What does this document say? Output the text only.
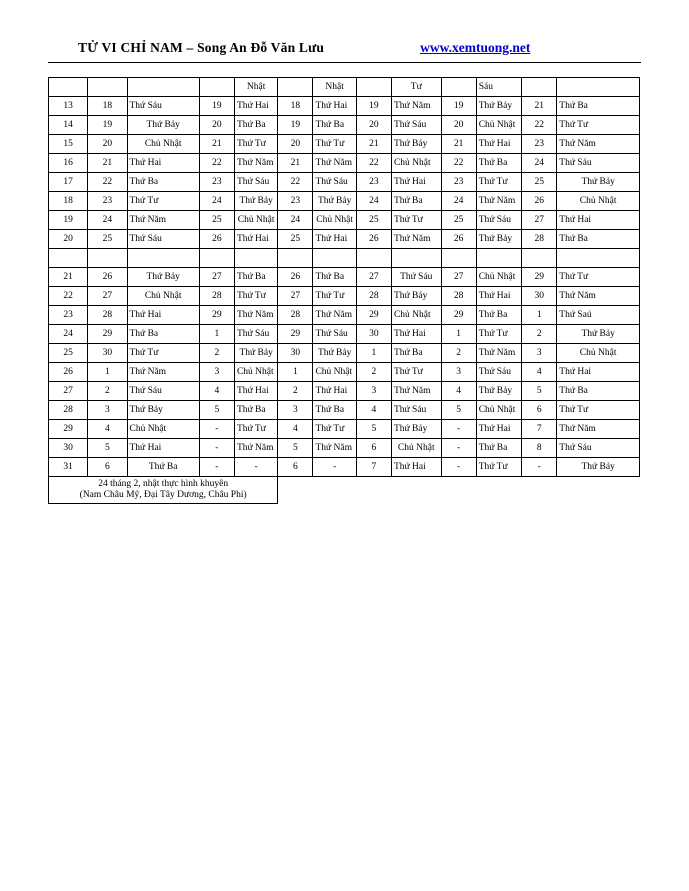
TỬ VI CHỈ NAM – Song An Đỗ Văn Lưu	www.xemtuong.net
				Nhật		Nhật		Tư		Sáu		
13	18	Thứ Sáu	19	Thứ Hai	18	Thứ Hai	19	Thứ Năm	19	Thứ Bảy	21	Thứ Ba
14	19	Thứ Bảy	20	Thứ Ba	19	Thứ Ba	20	Thứ Sáu	20	Chủ Nhật	22	Thứ Tư
15	20	Chủ Nhật	21	Thứ Tư	20	Thứ Tư	21	Thứ Bảy	21	Thứ Hai	23	Thứ Năm
16	21	Thứ Hai	22	Thứ Năm	21	Thứ Năm	22	Chủ Nhật	22	Thứ Ba	24	Thứ Sáu
17	22	Thứ Ba	23	Thứ Sáu	22	Thứ Sáu	23	Thứ Hai	23	Thứ Tư	25	Thứ Bảy
18	23	Thứ Tư	24	Thứ Bảy	23	Thứ Bảy	24	Thứ Ba	24	Thứ Năm	26	Chủ Nhật
19	24	Thứ Năm	25	Chủ Nhật	24	Chủ Nhật	25	Thứ Tư	25	Thứ Sáu	27	Thứ Hai
20	25	Thứ Sáu	26	Thứ Hai	25	Thứ Hai	26	Thứ Năm	26	Thứ Bảy	28	Thứ Ba

21	26	Thứ Bảy	27	Thứ Ba	26	Thứ Ba	27	Thứ Sáu	27	Chủ Nhật	29	Thứ Tư
22	27	Chủ Nhật	28	Thứ Tư	27	Thứ Tư	28	Thứ Bảy	28	Thứ Hai	30	Thứ Năm
23	28	Thứ Hai	29	Thứ Năm	28	Thứ Năm	29	Chủ Nhật	29	Thứ Ba	1	Thứ Saú
24	29	Thứ Ba	1	Thứ Sáu	29	Thứ Sáu	30	Thứ Hai	1	Thứ Tư	2	Thứ Bảy
25	30	Thứ Tư	2	Thứ Bảy	30	Thứ Bảy	1	Thứ Ba	2	Thứ Năm	3	Chủ Nhật
26	1	Thứ Năm	3	Chủ Nhật	1	Chủ Nhật	2	Thứ Tư	3	Thứ Sáu	4	Thứ Hai
27	2	Thứ Sáu	4	Thứ Hai	2	Thứ Hai	3	Thứ Năm	4	Thứ Bảy	5	Thứ Ba
28	3	Thứ Bảy	5	Thứ Ba	3	Thứ Ba	4	Thứ Sáu	5	Chủ Nhật	6	Thứ Tư
29	4	Chủ Nhật	-	Thứ Tư	4	Thứ Tư	5	Thứ Bảy	-	Thứ Hai	7	Thứ Năm
30	5	Thứ Hai	-	Thứ Năm	5	Thứ Năm	6	Chủ Nhật	-	Thứ Ba	8	Thứ Sáu
31	6	Thứ Ba	-	-	6	-	7	Thứ Hai	-	Thứ Tư	-	Thứ Bảy

24 tháng 2, nhật thực hình khuyên
(Nam Châu Mỹ, Đại Tây Dương, Châu Phi)												
